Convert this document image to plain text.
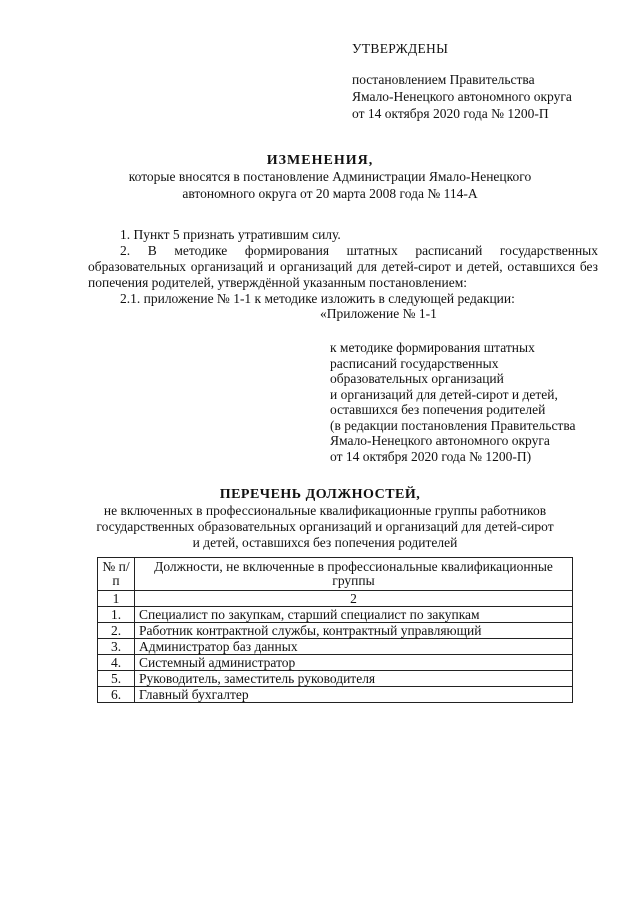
УТВЕРЖДЕНЫ
постановлением Правительства
Ямало-Ненецкого автономного округа
от 14 октября 2020 года № 1200-П
ИЗМЕНЕНИЯ,
которые вносятся в постановление Администрации Ямало-Ненецкого автономного округа от 20 марта 2008 года № 114-А

1. Пункт 5 признать утратившим силу.

2. В методике формирования штатных расписаний государственных образовательных организаций и организаций для детей-сирот и детей, оставшихся без попечения родителей, утверждённой указанным постановлением:

2.1. приложение № 1-1 к методике изложить в следующей редакции:

«Приложение № 1-1
к методике формирования штатных
расписаний государственных
образовательных организаций
и организаций для детей-сирот и детей,
оставшихся без попечения родителей
(в редакции постановления Правительства
Ямало-Ненецкого автономного округа
от 14 октября 2020 года № 1200-П)
ПЕРЕЧЕНЬ ДОЛЖНОСТЕЙ,
не включенных в профессиональные квалификационные группы работников государственных образовательных организаций и организаций для детей-сирот и детей, оставшихся без попечения родителей
№ п/п	Должности, не включенные в профессиональные квалификационные группы
1	2
1.	Специалист по закупкам, старший специалист по закупкам
2.	Работник контрактной службы, контрактный управляющий
3.	Администратор баз данных
4.	Системный администратор
5.	Руководитель, заместитель руководителя
6.	Главный бухгалтер
